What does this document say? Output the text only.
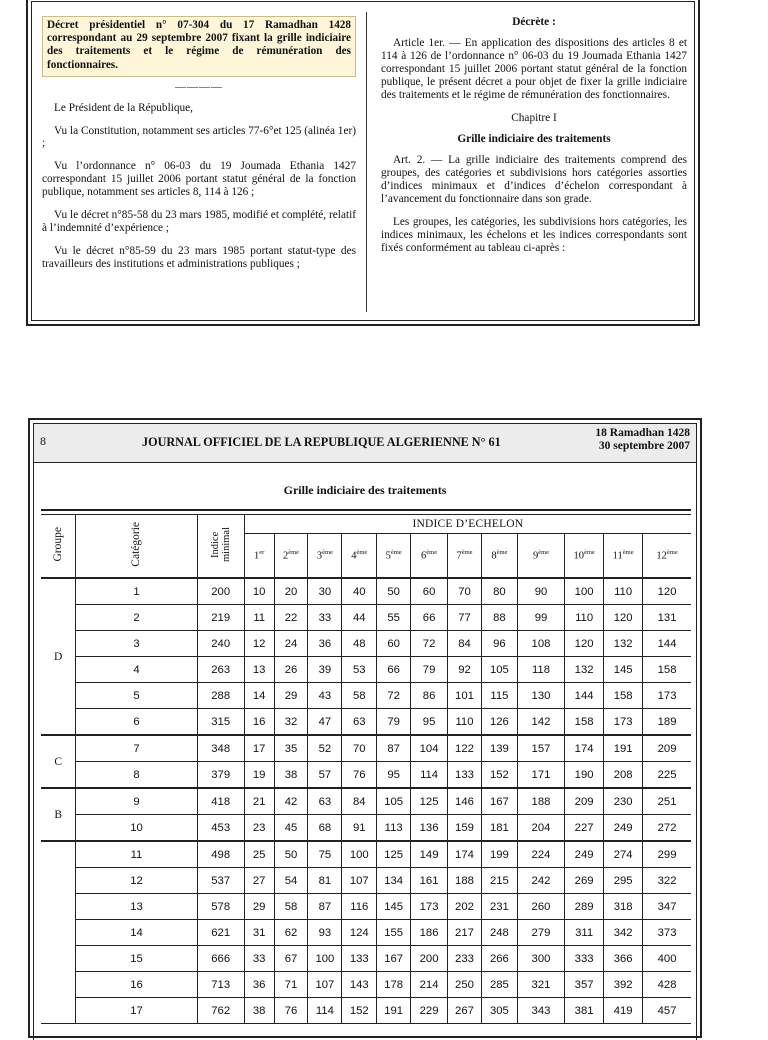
Décret présidentiel n° 07-304 du 17 Ramadhan 1428 correspondant au 29 septembre 2007 fixant la grille indiciaire des traitements et le régime de rémunération des fonctionnaires.
————

Le Président de la République,

Vu la Constitution, notamment ses articles 77-6°et 125 (alinéa 1er) ;

Vu l’ordonnance n° 06-03 du 19 Joumada Ethania 1427 correspondant 15 juillet 2006 portant statut général de la fonction publique, notamment ses articles 8, 114 à 126 ;

Vu le décret n°85-58 du 23 mars 1985, modifié et complété, relatif à l’indemnité d’expérience ;

Vu le décret n°85-59 du 23 mars 1985 portant statut-type des travailleurs des institutions et administrations publiques ;

Décrète :

Article 1er. — En application des dispositions des articles 8 et 114 à 126 de l’ordonnance n° 06-03 du 19 Joumada Ethania 1427 correspondant 15 juillet 2006 portant statut général de la fonction publique, le présent décret a pour objet de fixer la grille indiciaire des traitements et le régime de rémunération des fonctionnaires.

Chapitre I

Grille indiciaire des traitements

Art. 2. — La grille indiciaire des traitements comprend des groupes, des catégories et subdivisions hors catégories assorties d’indices minimaux et d’indices d’échelon correspondant à l’avancement du fonctionnaire dans son grade.

Les groupes, les catégories, les subdivisions hors catégories, les indices minimaux, les échelons et les indices correspondants sont fixés conformément au tableau ci-après :

8	JOURNAL OFFICIEL DE LA REPUBLIQUE ALGERIENNE N° 61
18 Ramadhan 1428
30 septembre 2007
Grille indiciaire des traitements

Groupe	Catégorie	Indice minimal	INDICE D’ECHELON											
			1er	2ème	3ème	4ème	5ème	6ème	7ème	8ème	9ème	10ème	11ème	12ème
D	1	200	10	20	30	40	50	60	70	80	90	100	110	120
	2	219	11	22	33	44	55	66	77	88	99	110	120	131
	3	240	12	24	36	48	60	72	84	96	108	120	132	144
	4	263	13	26	39	53	66	79	92	105	118	132	145	158
	5	288	14	29	43	58	72	86	101	115	130	144	158	173
	6	315	16	32	47	63	79	95	110	126	142	158	173	189
C	7	348	17	35	52	70	87	104	122	139	157	174	191	209
	8	379	19	38	57	76	95	114	133	152	171	190	208	225
B	9	418	21	42	63	84	105	125	146	167	188	209	230	251
	10	453	23	45	68	91	113	136	159	181	204	227	249	272
	11	498	25	50	75	100	125	149	174	199	224	249	274	299
	12	537	27	54	81	107	134	161	188	215	242	269	295	322
	13	578	29	58	87	116	145	173	202	231	260	289	318	347
	14	621	31	62	93	124	155	186	217	248	279	311	342	373
	15	666	33	67	100	133	167	200	233	266	300	333	366	400
	16	713	36	71	107	143	178	214	250	285	321	357	392	428
	17	762	38	76	114	152	191	229	267	305	343	381	419	457
